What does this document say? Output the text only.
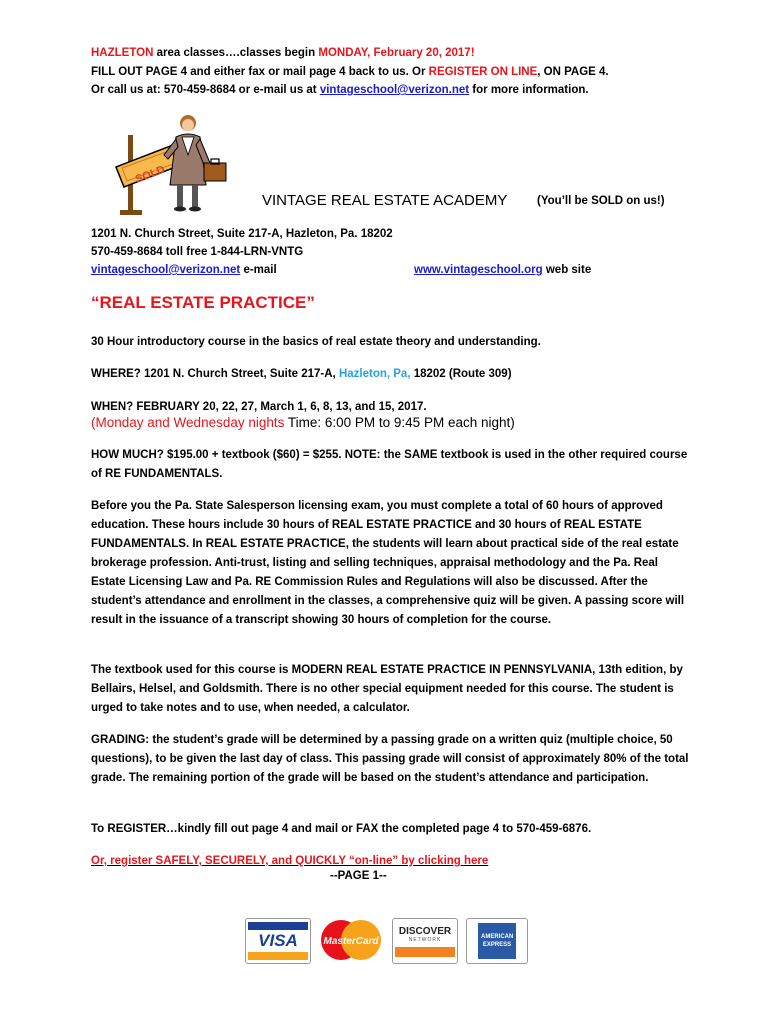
HAZLETON area classes….classes begin MONDAY, February 20, 2017!

FILL OUT PAGE 4 and either fax or mail page 4 back to us. Or REGISTER ON LINE, ON PAGE 4.

Or call us at: 570-459-8684 or e-mail us at vintageschool@verizon.net for more information.

SOLD
VINTAGE REAL ESTATE ACADEMY	(You’ll be SOLD on us!)

1201 N. Church Street, Suite 217-A, Hazleton, Pa. 18202

570-459-8684 toll free 1-844-LRN-VNTG

vintageschool@verizon.net e-mail	www.vintageschool.org web site

“REAL ESTATE PRACTICE”

30 Hour introductory course in the basics of real estate theory and understanding.

WHERE? 1201 N. Church Street, Suite 217-A, Hazleton, Pa, 18202 (Route 309)

WHEN? FEBRUARY 20, 22, 27, March 1, 6, 8, 13, and 15, 2017.

(Monday and Wednesday nights Time: 6:00 PM to 9:45 PM each night)

HOW MUCH? $195.00 + textbook ($60) = $255. NOTE: the SAME textbook is used in the other required course of RE FUNDAMENTALS.

Before you the Pa. State Salesperson licensing exam, you must complete a total of 60 hours of approved education. These hours include 30 hours of REAL ESTATE PRACTICE and 30 hours of REAL ESTATE FUNDAMENTALS. In REAL ESTATE PRACTICE, the students will learn about practical side of the real estate brokerage profession. Anti-trust, listing and selling techniques, appraisal methodology and the Pa. Real Estate Licensing Law and Pa. RE Commission Rules and Regulations will also be discussed. After the student’s attendance and enrollment in the classes, a comprehensive quiz will be given. A passing score will result in the issuance of a transcript showing 30 hours of completion for the course.

The textbook used for this course is MODERN REAL ESTATE PRACTICE IN PENNSYLVANIA, 13th edition, by Bellairs, Helsel, and Goldsmith. There is no other special equipment needed for this course. The student is urged to take notes and to use, when needed, a calculator.

GRADING: the student’s grade will be determined by a passing grade on a written quiz (multiple choice, 50 questions), to be given the last day of class. This passing grade will consist of approximately 80% of the total grade. The remaining portion of the grade will be based on the student’s attendance and participation.

To REGISTER…kindly fill out page 4 and mail or FAX the completed page 4 to 570-459-6876.

Or, register SAFELY, SECURELY, and QUICKLY “on-line” by clicking here

--PAGE 1--
VISA	MasterCard
DISCOVER
NETWORK	AMERICAN EXPRESS
